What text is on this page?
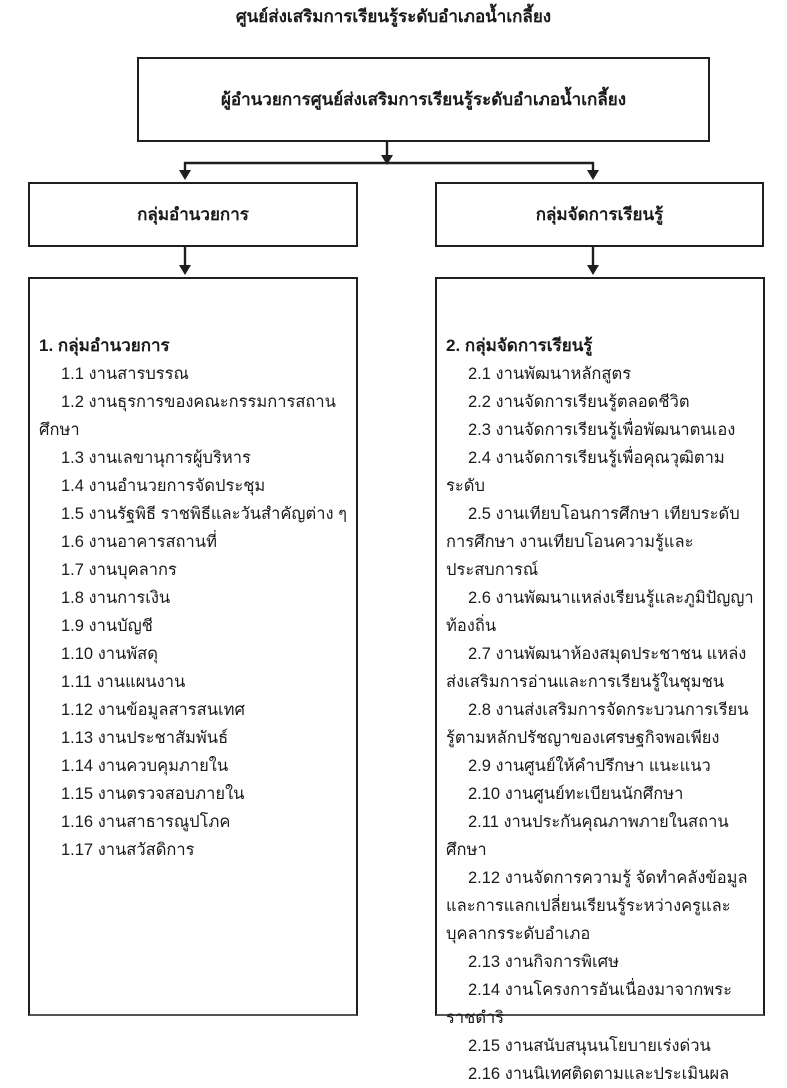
ศูนย์ส่งเสริมการเรียนรู้ระดับอำเภอน้ำเกลี้ยง
ผู้อำนวยการศูนย์ส่งเสริมการเรียนรู้ระดับอำเภอน้ำเกลี้ยง
กลุ่มอำนวยการ	กลุ่มจัดการเรียนรู้
1. กลุ่มอำนวยการ
1.1 งานสารบรรณ
1.2 งานธุรการของคณะกรรมการสถานศึกษา
1.3 งานเลขานุการผู้บริหาร
1.4 งานอำนวยการจัดประชุม
1.5 งานรัฐพิธี ราชพิธีและวันสำคัญต่าง ๆ
1.6 งานอาคารสถานที่
1.7 งานบุคลากร
1.8 งานการเงิน
1.9 งานบัญชี
1.10 งานพัสดุ
1.11 งานแผนงาน
1.12 งานข้อมูลสารสนเทศ
1.13 งานประชาสัมพันธ์
1.14 งานควบคุมภายใน
1.15 งานตรวจสอบภายใน
1.16 งานสาธารณูปโภค
1.17 งานสวัสดิการ
2. กลุ่มจัดการเรียนรู้
2.1 งานพัฒนาหลักสูตร
2.2 งานจัดการเรียนรู้ตลอดชีวิต
2.3 งานจัดการเรียนรู้เพื่อพัฒนาตนเอง
2.4 งานจัดการเรียนรู้เพื่อคุณวุฒิตามระดับ
2.5 งานเทียบโอนการศึกษา เทียบระดับการศึกษา งานเทียบโอนความรู้และประสบการณ์
2.6 งานพัฒนาแหล่งเรียนรู้และภูมิปัญญาท้องถิ่น
2.7 งานพัฒนาห้องสมุดประชาชน แหล่งส่งเสริมการอ่านและการเรียนรู้ในชุมชน
2.8 งานส่งเสริมการจัดกระบวนการเรียนรู้ตามหลักปรัชญาของเศรษฐกิจพอเพียง
2.9 งานศูนย์ให้คำปรึกษา แนะแนว
2.10 งานศูนย์ทะเบียนนักศึกษา
2.11 งานประกันคุณภาพภายในสถานศึกษา
2.12 งานจัดการความรู้ จัดทำคลังข้อมูล และการแลกเปลี่ยนเรียนรู้ระหว่างครูและบุคลากรระดับอำเภอ
2.13 งานกิจการพิเศษ
2.14 งานโครงการอันเนื่องมาจากพระราชดำริ
2.15 งานสนับสนุนนโยบายเร่งด่วน
2.16 งานนิเทศติดตามและประเมินผล
